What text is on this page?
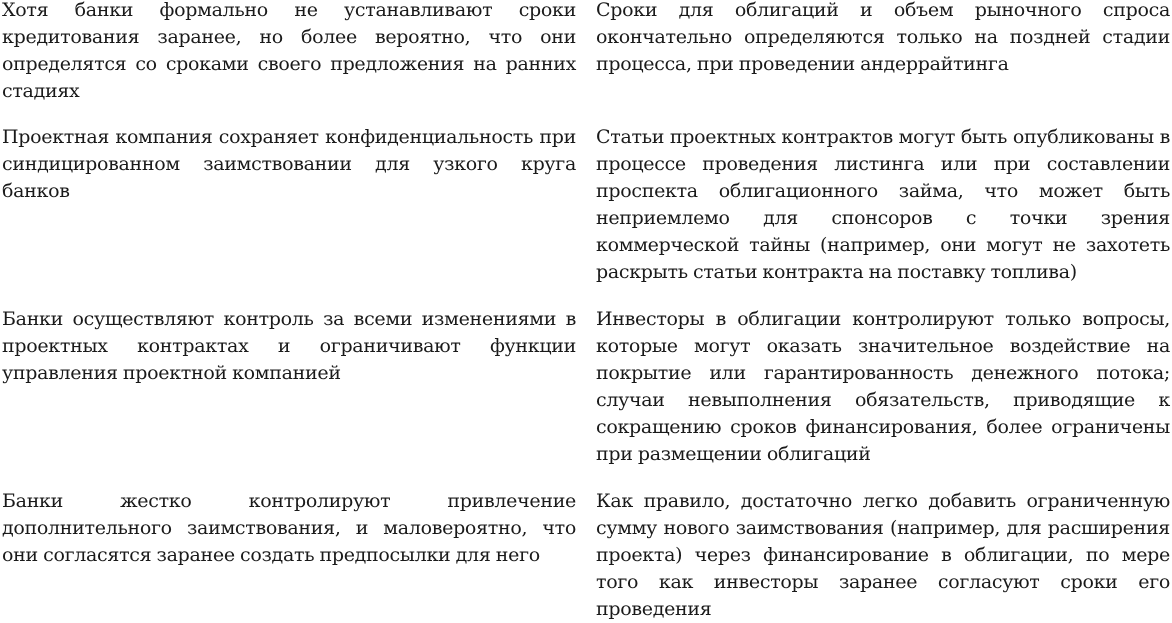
Хотя банки формально не устанавливают сроки кредитования заранее, но более вероятно, что они определятся со сроками своего предложения на ранних стадиях
Сроки для облигаций и объем рыночного спроса окончательно определяются только на поздней стадии процесса, при проведении андеррайтинга
Проектная компания сохраняет конфиденциальность при синдицированном заимствовании для узкого круга банков
Статьи проектных контрактов могут быть опубликованы в процессе проведения листинга или при составлении проспекта облигационного займа, что может быть неприемлемо для спонсоров с точки зрения коммерческой тайны (например, они могут не захотеть раскрыть статьи контракта на поставку топлива)
Банки осуществляют контроль за всеми изменениями в проектных контрактах и ограничивают функции управления проектной компанией
Инвесторы в облигации контролируют только вопросы, которые могут оказать значительное воздействие на покрытие или гарантированность денежного потока; случаи невыполнения обязательств, приводящие к сокращению сроков финансирования, более ограничены при размещении облигаций
Банки жестко контролируют привлечение дополнительного заимствования, и маловероятно, что они согласятся заранее создать предпосылки для него
Как правило, достаточно легко добавить ограниченную сумму нового заимствования (например, для расширения проекта) через финансирование в облигации, по мере того как инвесторы заранее согласуют сроки его проведения
